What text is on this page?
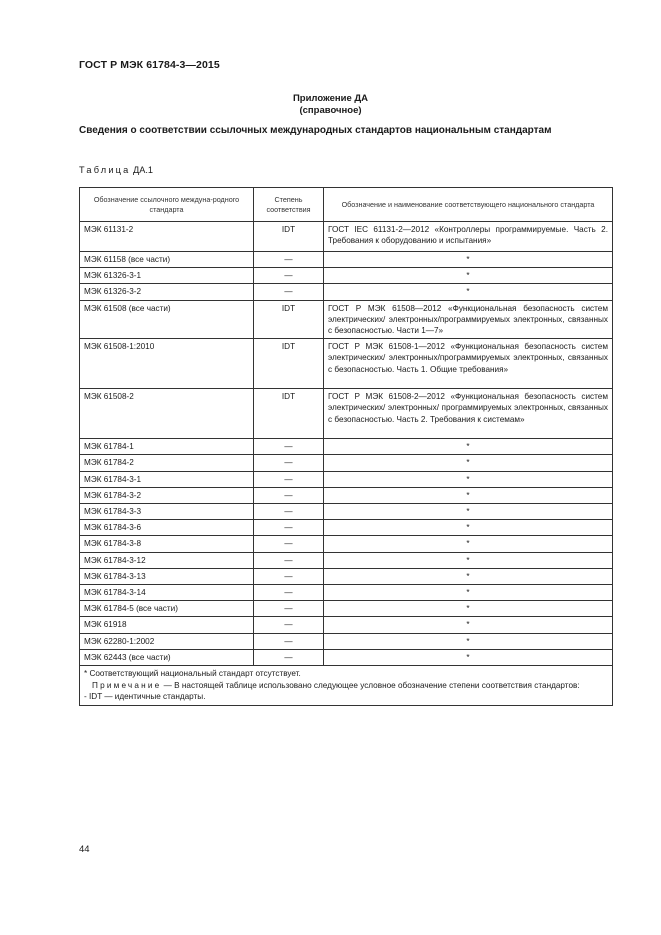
ГОСТ Р МЭК 61784-3—2015
Приложение ДА
(справочное)
Сведения о соответствии ссылочных международных стандартов национальным стандартам
Таблица ДА.1
Обозначение ссылочного междуна-родного стандарта	Степень соответствия	Обозначение и наименование соответствующего национального стандарта
МЭК 61131-2	IDT	ГОСТ IEC 61131-2—2012 «Контроллеры программируемые. Часть 2. Требования к оборудованию и испытания»
МЭК 61158 (все части)	—	*
МЭК 61326-3-1	—	*
МЭК 61326-3-2	—	*
МЭК 61508 (все части)	IDT	ГОСТ Р МЭК 61508—2012 «Функциональная безопасность систем электрических/ электронных/программируемых электронных, связанных с безопасностью. Части 1—7»
МЭК 61508-1:2010	IDT	ГОСТ Р МЭК 61508-1—2012 «Функциональная безопасность систем электрических/ электронных/программируемых электронных, связанных с безопасностью. Часть 1. Общие требования»
МЭК 61508-2	IDT	ГОСТ Р МЭК 61508-2—2012 «Функциональная безопасность систем электрических/ электронных/ программируемых электронных, связанных с безопасностью. Часть 2. Требования к системам»
МЭК 61784-1	—	*
МЭК 61784-2	—	*
МЭК 61784-3-1	—	*
МЭК 61784-3-2	—	*
МЭК 61784-3-3	—	*
МЭК 61784-3-6	—	*
МЭК 61784-3-8	—	*
МЭК 61784-3-12	—	*
МЭК 61784-3-13	—	*
МЭК 61784-3-14	—	*
МЭК 61784-5 (все части)	—	*
МЭК 61918	—	*
МЭК 62280-1:2002	—	*
МЭК 62443 (все части)	—	*

* Соответствующий национальный стандарт отсутствует.
Примечание — В настоящей таблице использовано следующее условное обозначение степени соответствия стандартов:
- IDT — идентичные стандарты.		
44
